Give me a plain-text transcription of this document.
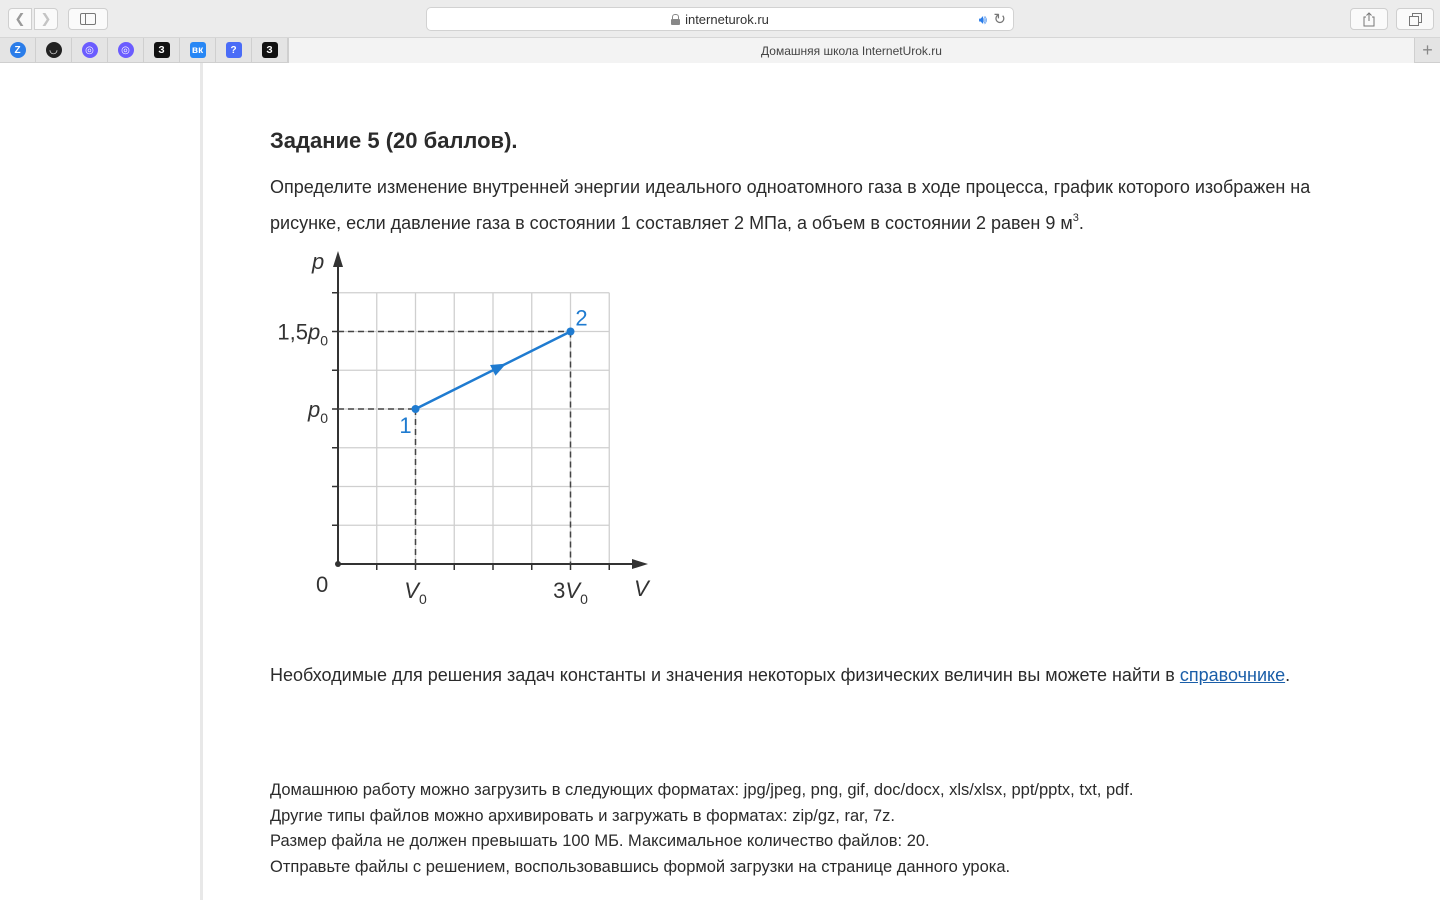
❮ ❯	interneturok.ru	🔊︎ ↻
Z	◡	◎	◎	З	вк	?	З	Домашняя школа InternetUrok.ru	+
Задание 5 (20 баллов).
Определите изменение внутренней энергии идеального одноатомного газа в ходе процесса, график которого изображен на рисунке, если давление газа в состоянии 1 составляет 2 МПа, а объем в состоянии 2 равен 9 $м^3$.
p
V
0
$p_0$
$1,5p_0$
$V_0$	$3V_0$
1
2
Необходимые для решения задач константы и значения некоторых физических величин вы можете найти в справочнике.
Домашнюю работу можно загрузить в следующих форматах: jpg/jpeg, png, gif, doc/docx, xls/xlsx, ppt/pptx, txt, pdf.
Другие типы файлов можно архивировать и загружать в форматах: zip/gz, rar, 7z.
Размер файла не должен превышать 100 МБ. Максимальное количество файлов: 20.
Отправьте файлы с решением, воспользовавшись формой загрузки на странице данного урока.
